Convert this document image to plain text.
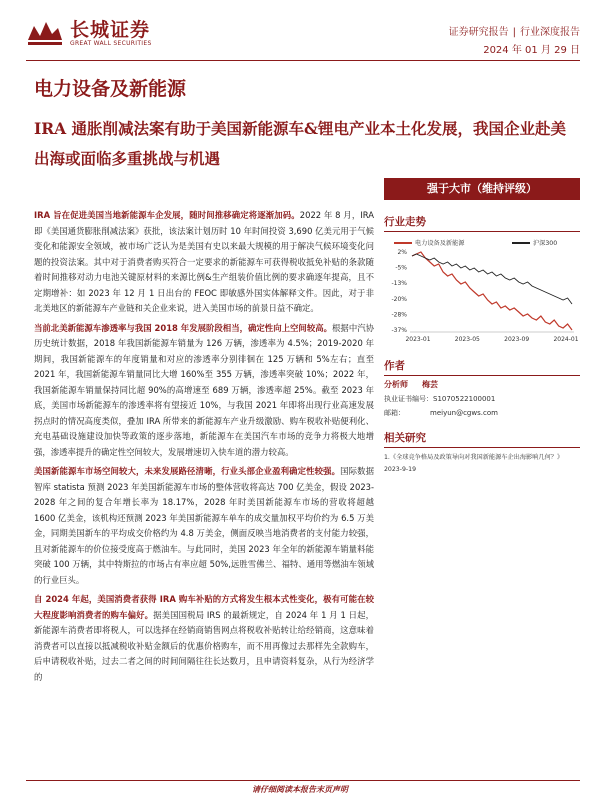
长城证券
GREAT WALL SECURITIES
证券研究报告 | 行业深度报告
2024 年 01 月 29 日
电力设备及新能源
IRA 通胀削减法案有助于美国新能源车&锂电产业本土化发展，我国企业赴美出海或面临多重挑战与机遇
强于大市（维持评级）

IRA 旨在促进美国当地新能源车企发展，随时间推移确定将逐渐加码。2022 年 8 月，IRA 即《美国通货膨胀削减法案》获批，该法案计划历时 10 年时间投资 3,690 亿美元用于气候变化和能源安全领域，被市场广泛认为是美国有史以来最大规模的用于解决气候环境变化问题的投资法案。其中对于消费者购买符合一定要求的新能源车可获得税收抵免补贴的条款随着时间推移对动力电池关键原材料的来源比例&生产组装价值比例的要求确逐年提高，且不定期增补：如 2023 年 12 月 1 日出台的 FEOC 即敏感外国实体解释文件。因此，对于非北美地区的新能源车产业链和关企业来说，进入美国市场的前景日益不确定。

当前北美新能源车渗透率与我国 2018 年发展阶段相当，确定性向上空间较高。根据中汽协历史统计数据，2018 年我国新能源车销量为 126 万辆，渗透率为 4.5%；2019-2020 年期间，我国新能源车的年度销量和对应的渗透率分别徘徊在 125 万辆和 5%左右；直至 2021 年，我国新能源车销量同比大增 160%至 355 万辆，渗透率突破 10%；2022 年，我国新能源车销量保持同比超 90%的高增速至 689 万辆，渗透率超 25%。截至 2023 年底，美国市场新能源车的渗透率将有望接近 10%，与我国 2021 年即将出现行业高速发展拐点时的情况高度类似，叠加 IRA 所带来的新能源车产业升级激励、购车税收补贴便利化、充电基础设施建设加快等政策的逐步落地，新能源车在美国汽车市场的竞争力将极大地增强，渗透率提升的确定性空间较大，发展增速切入快车道的潜力较高。

美国新能源车市场空间较大，未来发展路径清晰，行业头部企业盈利确定性较强。国际数据智库 statista 预测 2023 年美国新能源车市场的整体营收将高达 700 亿美金，假设 2023-2028 年之间的复合年增长率为 18.17%，2028 年时美国新能源车市场的营收将超越 1600 亿美金，该机构还预测 2023 年美国新能源车单车的成交量加权平均价约为 6.5 万美金，同期美国新车的平均成交价格约为 4.8 万美金，侧面反映当地消费者的支付能力较强，且对新能源车的价位接受度高于燃油车。与此同时，美国 2023 年全年的新能源车销量料能突破 100 万辆，其中特斯拉的市场占有率应超 50%,远胜雪佛兰、福特、通用等燃油车领域的行业巨头。

自 2024 年起，美国消费者获得 IRA 购车补贴的方式将发生根本式性变化，极有可能在较大程度影响消费者的购车偏好。据美国国税局 IRS 的最新规定，自 2024 年 1 月 1 日起，新能源车消费者即将税人，可以选择在经销商销售网点将税收补贴转让给经销商，这意味着消费者可以直接以抵减税收补贴金额后的优惠价格购车，而不用再像过去那样先全款购车，后申请税收补贴，过去二者之间的时间间隔往往长达数月，且申请资料复杂，从行为经济学的

行业走势
电力设备及新能源	沪深300
2%
-5%
-13%
-20%
-28%
-37%
2023-01	2023-05	2023-09	2024-01
作者
分析师 梅芸
执业证书编号： S1070522100001
邮箱：	meiyun@cgws.com
相关研究
1.《全球竞争格局及政策导向对我国新能源车企出海影响几何？》2023-9-19
请仔细阅读本报告末页声明
